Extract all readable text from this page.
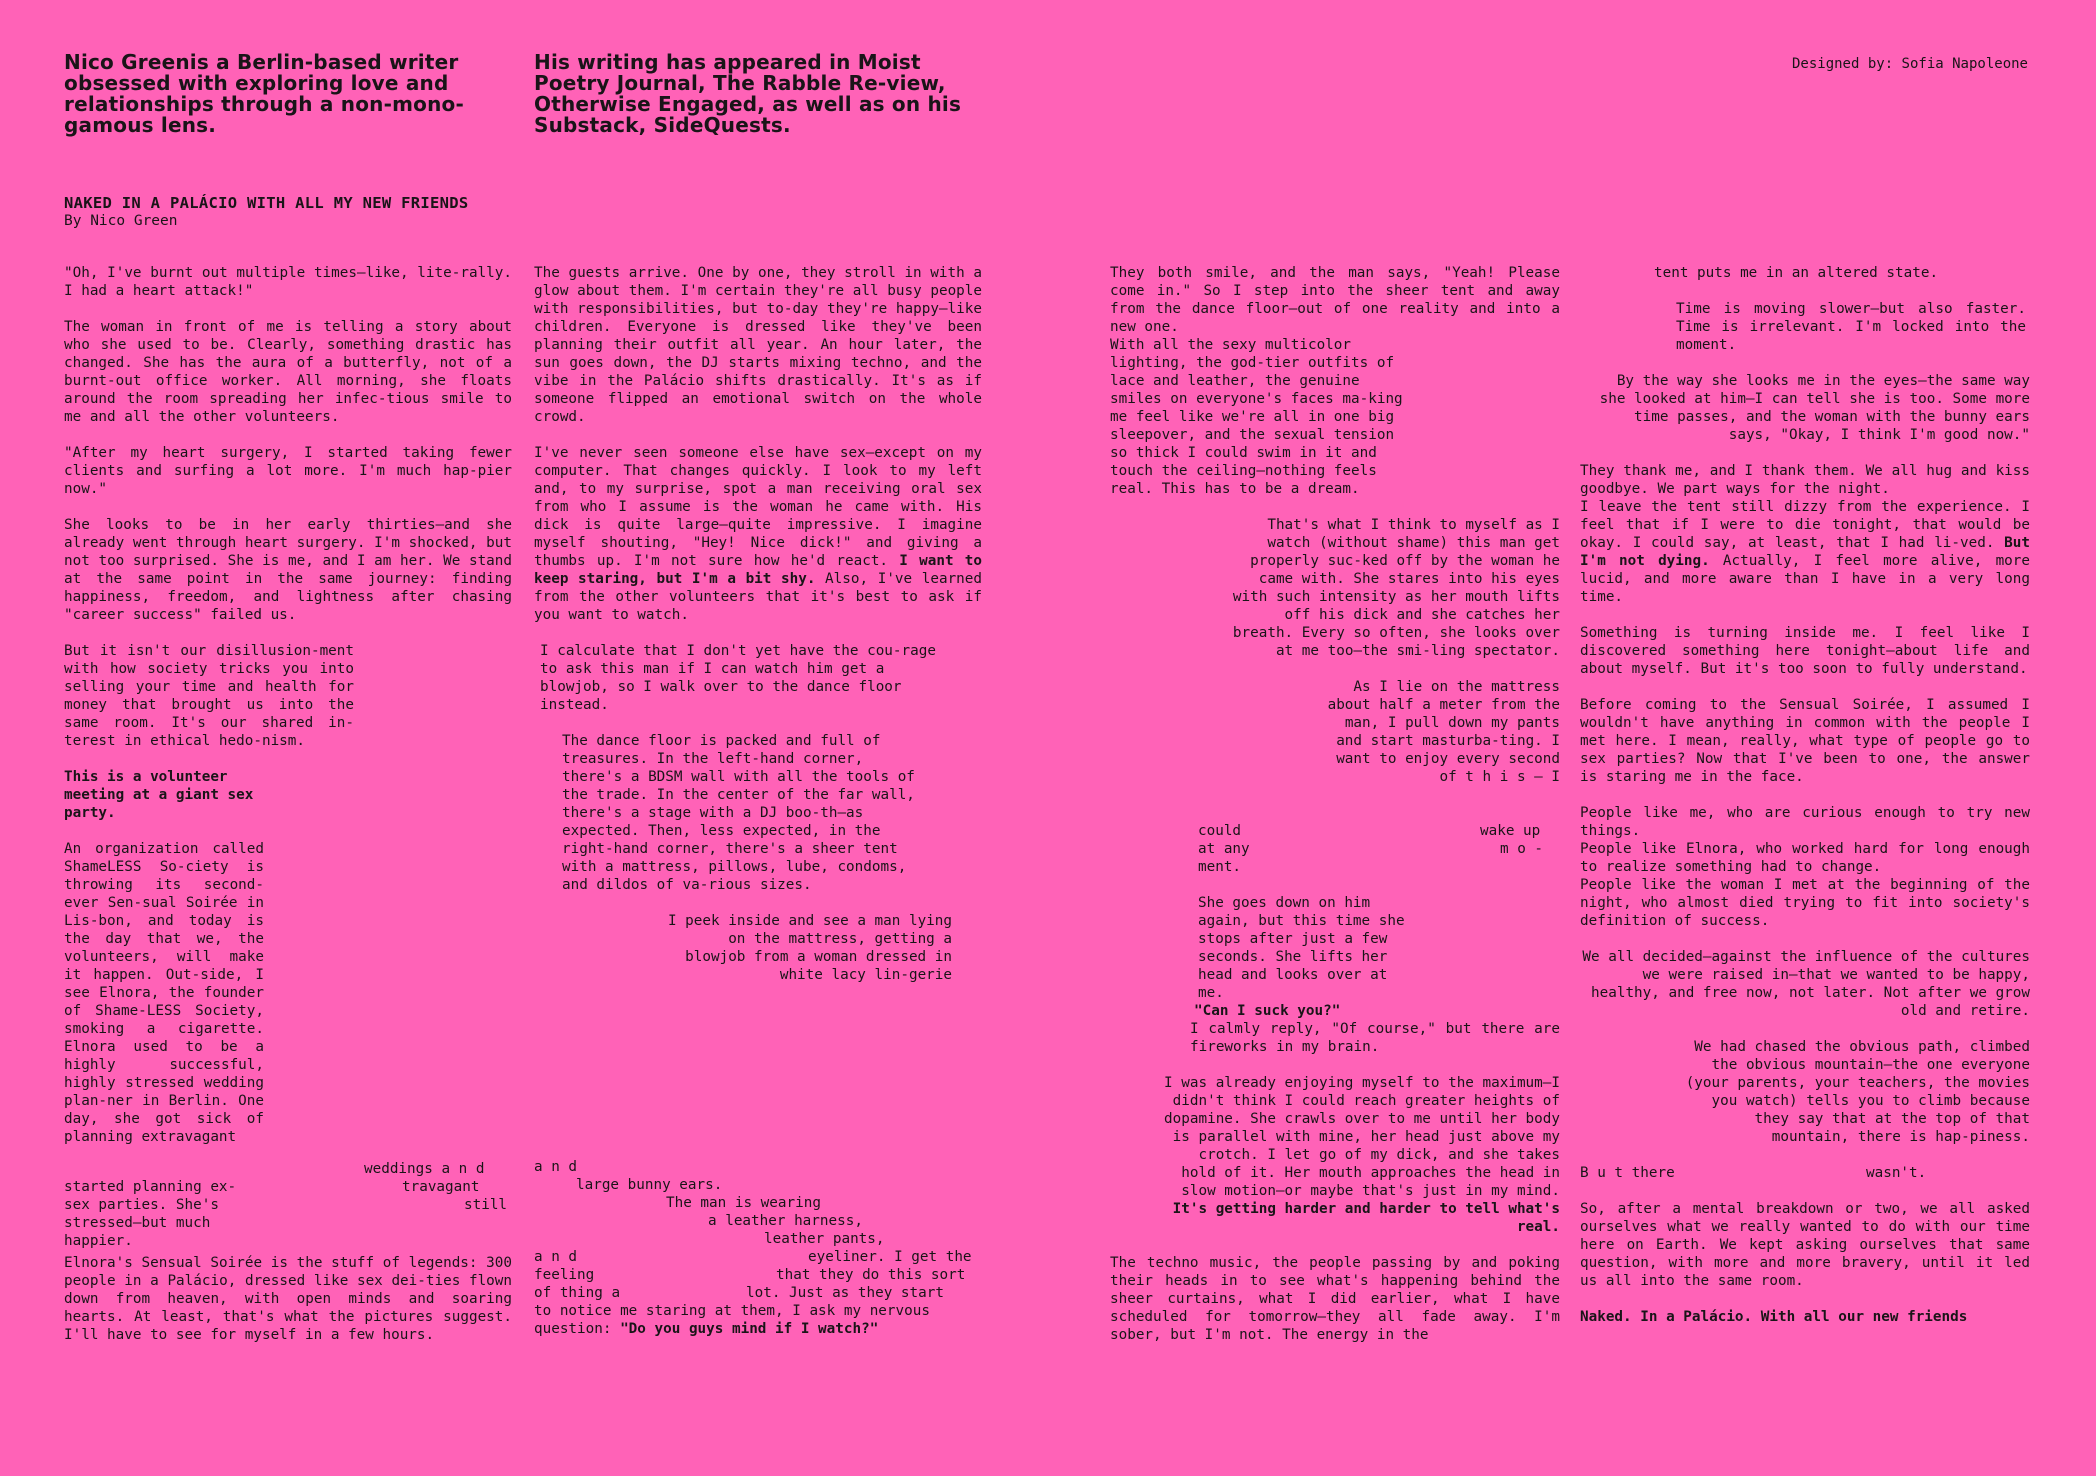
Nico Greenis a Berlin-based writer obsessed with exploring love and relationships through a non-mono-gamous lens.
His writing has appeared in Moist Poetry Journal, The Rabble Re-view, Otherwise Engaged, as well as on his Substack, SideQuests.
Designed by: Sofia Napoleone
NAKED IN A PALÁCIO WITH ALL MY NEW FRIENDS
By Nico Green

"Oh, I've burnt out multiple times—like, lite-rally. I had a heart attack!"

The woman in front of me is telling a story about who she used to be. Clearly, something drastic has changed. She has the aura of a butterfly, not of a burnt-out office worker. All morning, she floats around the room spreading her infec-tious smile to me and all the other volunteers.

"After my heart surgery, I started taking fewer clients and surfing a lot more. I'm much hap-pier now."

She looks to be in her early thirties—and she already went through heart surgery. I'm shocked, but not too surprised. She is me, and I am her. We stand at the same point in the same journey: finding happiness, freedom, and lightness after chasing "career success" failed us.

But it isn't our disillusion-ment with how society tricks you into selling your time and health for money that brought us into the same room. It's our shared in-terest in ethical hedo-nism.

This is a volunteer meeting at a giant sex party.

An organization called ShameLESS So-ciety is throwing its second-ever Sen-sual Soirée in Lis-bon, and today is the day that we, the volunteers, will make it happen. Out-side, I see Elnora, the founder of Shame-LESS Society, smoking a cigarette. Elnora used to be a highly successful, highly stressed wedding plan-ner in Berlin. One day, she got sick of planning extravagant
started planning ex-
sex parties. She's
stressed—but much happier.
weddings a n d
travagant
still

Elnora's Sensual Soirée is the stuff of legends: 300 people in a Palácio, dressed like sex dei-ties flown down from heaven, with open minds and soaring hearts. At least, that's what the pictures suggest. I'll have to see for myself in a few hours.

The guests arrive. One by one, they stroll in with a glow about them. I'm certain they're all busy people with responsibilities, but to-day they're happy—like children. Everyone is dressed like they've been planning their outfit all year. An hour later, the sun goes down, the DJ starts mixing techno, and the vibe in the Palácio shifts drastically. It's as if someone flipped an emotional switch on the whole crowd.

I've never seen someone else have sex—except on my computer. That changes quickly. I look to my left and, to my surprise, spot a man receiving oral sex from who I assume is the woman he came with. His dick is quite large—quite impressive. I imagine myself shouting, "Hey! Nice dick!" and giving a thumbs up. I'm not sure how he'd react. I want to keep staring, but I'm a bit shy. Also, I've learned from the other volunteers that it's best to ask if you want to watch.

I calculate that I don't yet have the cou-rage to ask this man if I can watch him get a blowjob, so I walk over to the dance floor instead.

The dance floor is packed and full of treasures. In the left-hand corner, there's a BDSM wall with all the tools of the trade. In the center of the far wall, there's a stage with a DJ boo-th—as expected. Then, less expected, in the right-hand corner, there's a sheer tent with a mattress, pillows, lube, condoms, and dildos of va-rious sizes.

I peek inside and see a man lying on the mattress, getting a blowjob from a woman dressed in white lacy lin-gerie

a n d
large bunny ears.
The man is wearing
a leather harness,
leather pants,
a n d	eyeliner. I get the
feeling	that they do this sort
of thing a	lot. Just as they start
to notice me staring at them, I ask my nervous question: "Do you guys mind if I watch?"
They both smile, and the man says, "Yeah! Please come in." So I step into the sheer tent and away from the dance floor—out of one reality and into a new one.

With all the sexy multicolor lighting, the god-tier outfits of lace and leather, the genuine smiles on everyone's faces ma-king me feel like we're all in one big sleepover, and the sexual tension so thick I could swim in it and touch the ceiling—nothing feels real. This has to be a dream.

That's what I think to myself as I watch (without shame) this man get properly suc-ked off by the woman he came with. She stares into his eyes with such intensity as her mouth lifts off his dick and she catches her breath. Every so often, she looks over at me too—the smi-ling spectator.

As I lie on the mattress about half a meter from the man, I pull down my pants and start masturba-ting. I want to enjoy every second of t h i s — I
could	wake up
at any	m o -
ment.
She goes down on him again, but this time she stops after just a few seconds. She lifts her head and looks over at me.
"Can I suck you?"

I calmly reply, "Of course," but there are fireworks in my brain.

I was already enjoying myself to the maximum—I didn't think I could reach greater heights of dopamine. She crawls over to me until her body is parallel with mine, her head just above my crotch. I let go of my dick, and she takes hold of it. Her mouth approaches the head in slow motion—or maybe that's just in my mind. It's getting harder and harder to tell what's real.

The techno music, the people passing by and poking their heads in to see what's happening behind the sheer curtains, what I did earlier, what I have scheduled for tomorrow—they all fade away. I'm sober, but I'm not. The energy in the

tent puts me in an altered state.

Time is moving slower—but also faster. Time is irrelevant. I'm locked into the moment.

By the way she looks me in the eyes—the same way she looked at him—I can tell she is too. Some more time passes, and the woman with the bunny ears says, "Okay, I think I'm good now."

They thank me, and I thank them. We all hug and kiss goodbye. We part ways for the night.

I leave the tent still dizzy from the experience. I feel that if I were to die tonight, that would be okay. I could say, at least, that I had li-ved. But I'm not dying. Actually, I feel more alive, more lucid, and more aware than I have in a very long time.

Something is turning inside me. I feel like I discovered something here tonight—about life and about myself. But it's too soon to fully understand.

Before coming to the Sensual Soirée, I assumed I wouldn't have anything in common with the people I met here. I mean, really, what type of people go to sex parties? Now that I've been to one, the answer is staring me in the face.

People like me, who are curious enough to try new things.
People like Elnora, who worked hard for long enough to realize something had to change.

People like the woman I met at the beginning of the night, who almost died trying to fit into society's definition of success.

We all decided—against the influence of the cultures we were raised in—that we wanted to be happy, healthy, and free now, not later. Not after we grow old and retire.

We had chased the obvious path, climbed the obvious mountain—the one everyone (your parents, your teachers, the movies you watch) tells you to climb because they say that at the top of that mountain, there is hap-piness.

B u t there	wasn't.

So, after a mental breakdown or two, we all asked ourselves what we really wanted to do with our time here on Earth. We kept asking ourselves that same question, with more and more bravery, until it led us all into the same room.

Naked. In a Palácio. With all our new friends
